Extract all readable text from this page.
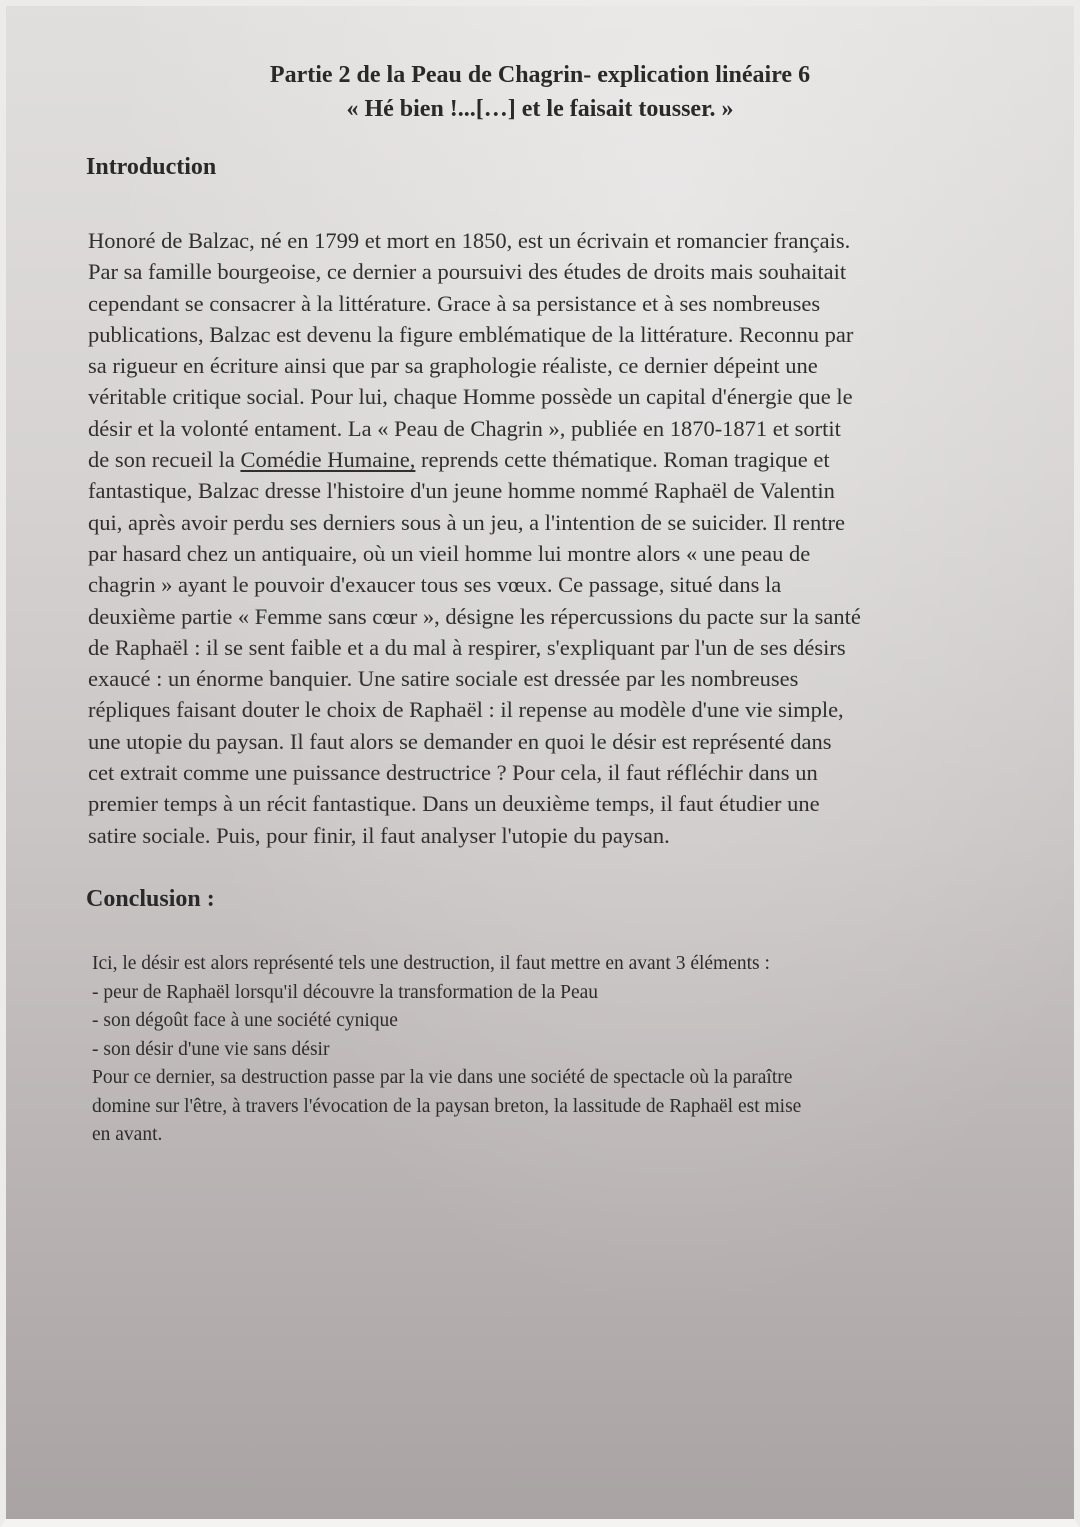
Partie 2 de la Peau de Chagrin- explication linéaire 6
« Hé bien !...[…] et le faisait tousser. »
Introduction
Honoré de Balzac, né en 1799 et mort en 1850, est un écrivain et romancier français.
Par sa famille bourgeoise, ce dernier a poursuivi des études de droits mais souhaitait
cependant se consacrer à la littérature. Grace à sa persistance et à ses nombreuses
publications, Balzac est devenu la figure emblématique de la littérature. Reconnu par
sa rigueur en écriture ainsi que par sa graphologie réaliste, ce dernier dépeint une
véritable critique social. Pour lui, chaque Homme possède un capital d'énergie que le
désir et la volonté entament. La « Peau de Chagrin », publiée en 1870-1871 et sortit
de son recueil la Comédie Humaine, reprends cette thématique. Roman tragique et
fantastique, Balzac dresse l'histoire d'un jeune homme nommé Raphaël de Valentin
qui, après avoir perdu ses derniers sous à un jeu, a l'intention de se suicider. Il rentre
par hasard chez un antiquaire, où un vieil homme lui montre alors « une peau de
chagrin » ayant le pouvoir d'exaucer tous ses vœux. Ce passage, situé dans la
deuxième partie « Femme sans cœur », désigne les répercussions du pacte sur la santé
de Raphaël : il se sent faible et a du mal à respirer, s'expliquant par l'un de ses désirs
exaucé : un énorme banquier. Une satire sociale est dressée par les nombreuses
répliques faisant douter le choix de Raphaël : il repense au modèle d'une vie simple,
une utopie du paysan. Il faut alors se demander en quoi le désir est représenté dans
cet extrait comme une puissance destructrice ? Pour cela, il faut réfléchir dans un
premier temps à un récit fantastique. Dans un deuxième temps, il faut étudier une
satire sociale. Puis, pour finir, il faut analyser l'utopie du paysan.
Conclusion :
Ici, le désir est alors représenté tels une destruction, il faut mettre en avant 3 éléments :
- peur de Raphaël lorsqu'il découvre la transformation de la Peau
- son dégoût face à une société cynique
- son désir d'une vie sans désir
Pour ce dernier, sa destruction passe par la vie dans une société de spectacle où la paraître
domine sur l'être, à travers l'évocation de la paysan breton, la lassitude de Raphaël est mise
en avant.
